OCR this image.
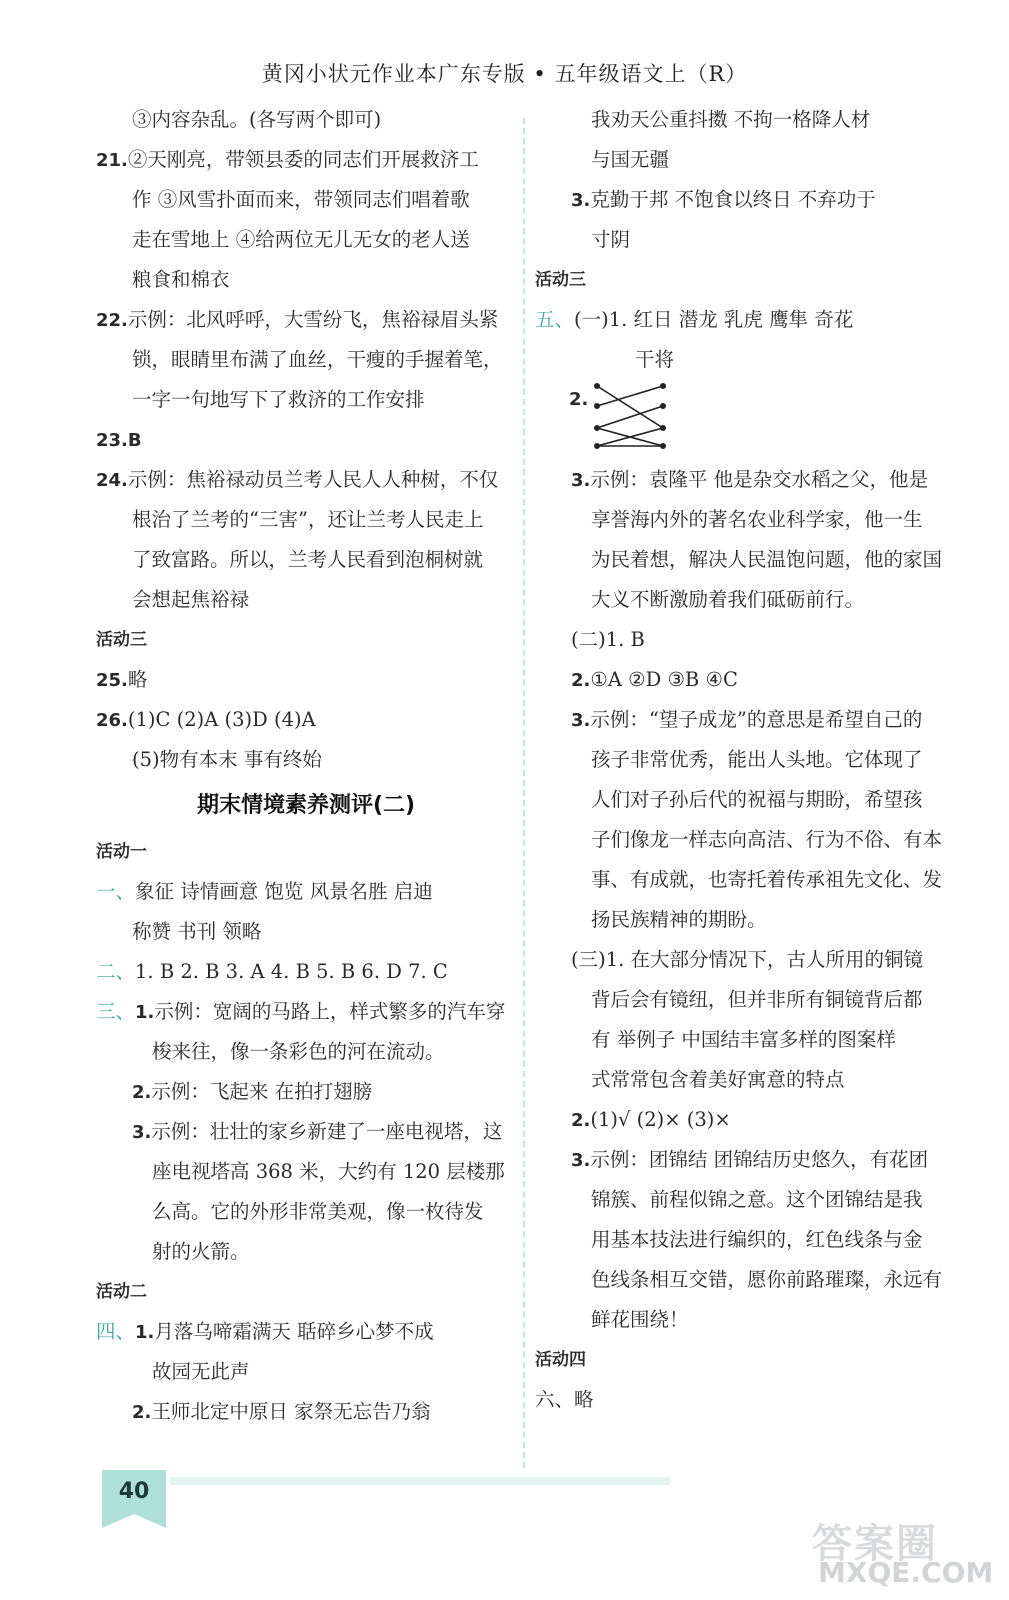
黄冈小状元作业本广东专版 • 五年级语文上（R）
③内容杂乱。(各写两个即可)
21.②天刚亮，带领县委的同志们开展救济工
作 ③风雪扑面而来，带领同志们唱着歌
走在雪地上 ④给两位无儿无女的老人送
粮食和棉衣
22.示例：北风呼呼，大雪纷飞，焦裕禄眉头紧
锁，眼睛里布满了血丝，干瘦的手握着笔，
一字一句地写下了救济的工作安排
23.B
24.示例：焦裕禄动员兰考人民人人种树，不仅
根治了兰考的“三害”，还让兰考人民走上
了致富路。所以，兰考人民看到泡桐树就
会想起焦裕禄
活动三
25.略
26.(1)C (2)A (3)D (4)A
(5)物有本末 事有终始
期末情境素养测评(二)
活动一
一、象征 诗情画意 饱览 风景名胜 启迪
称赞 书刊 领略
二、1. B 2. B 3. A 4. B 5. B 6. D 7. C
三、1.示例：宽阔的马路上，样式繁多的汽车穿
梭来往，像一条彩色的河在流动。
2.示例：飞起来 在拍打翅膀
3.示例：壮壮的家乡新建了一座电视塔，这
座电视塔高 368 米，大约有 120 层楼那
么高。它的外形非常美观，像一枚待发
射的火箭。
活动二
四、1.月落乌啼霜满天 聒碎乡心梦不成
故园无此声
2.王师北定中原日 家祭无忘告乃翁
我劝天公重抖擞 不拘一格降人材
与国无疆
3.克勤于邦 不饱食以终日 不弃功于
寸阴
活动三
五、(一)1. 红日 潜龙 乳虎 鹰隼 奇花
干将
2.
3.示例：袁隆平 他是杂交水稻之父，他是
享誉海内外的著名农业科学家，他一生
为民着想，解决人民温饱问题，他的家国
大义不断激励着我们砥砺前行。
(二)1. B
2.①A ②D ③B ④C
3.示例：“望子成龙”的意思是希望自己的
孩子非常优秀，能出人头地。它体现了
人们对子孙后代的祝福与期盼，希望孩
子们像龙一样志向高洁、行为不俗、有本
事、有成就，也寄托着传承祖先文化、发
扬民族精神的期盼。
(三)1. 在大部分情况下，古人所用的铜镜
背后会有镜纽，但并非所有铜镜背后都
有 举例子 中国结丰富多样的图案样
式常常包含着美好寓意的特点
2.(1)√ (2)× (3)×
3.示例：团锦结 团锦结历史悠久，有花团
锦簇、前程似锦之意。这个团锦结是我
用基本技法进行编织的，红色线条与金
色线条相互交错，愿你前路璀璨，永远有
鲜花围绕！
活动四
六、略
40
答案圈
MXQE.COM
